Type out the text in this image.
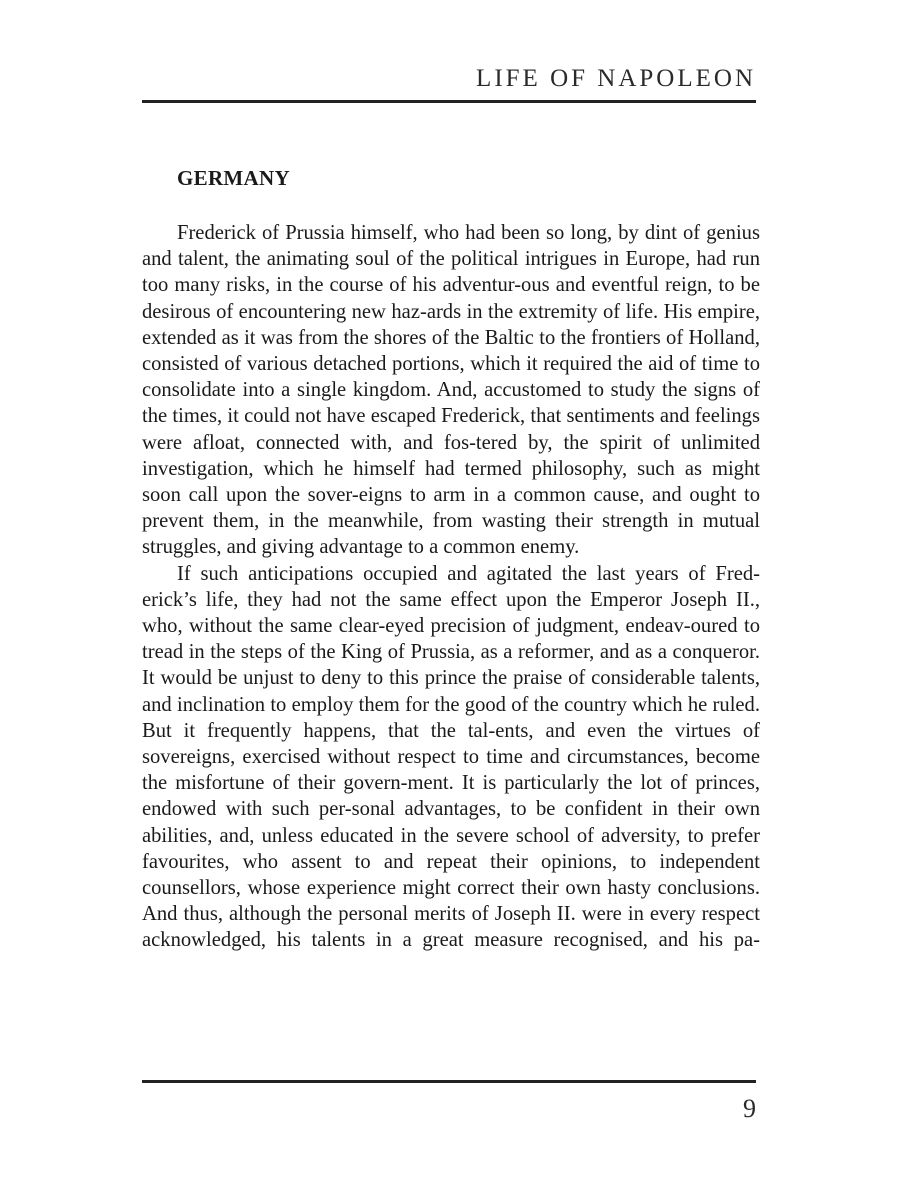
LIFE OF NAPOLEON
GERMANY

Frederick of Prussia himself, who had been so long, by dint of genius and talent, the animating soul of the political intrigues in Europe, had run too many risks, in the course of his adventur-ous and eventful reign, to be desirous of encountering new haz-ards in the extremity of life. His empire, extended as it was from the shores of the Baltic to the frontiers of Holland, consisted of various detached portions, which it required the aid of time to consolidate into a single kingdom. And, accustomed to study the signs of the times, it could not have escaped Frederick, that sentiments and feelings were afloat, connected with, and fos-tered by, the spirit of unlimited investigation, which he himself had termed philosophy, such as might soon call upon the sover-eigns to arm in a common cause, and ought to prevent them, in the meanwhile, from wasting their strength in mutual struggles, and giving advantage to a common enemy.

If such anticipations occupied and agitated the last years of Fred-erick’s life, they had not the same effect upon the Emperor Joseph II., who, without the same clear-eyed precision of judgment, endeav-oured to tread in the steps of the King of Prussia, as a reformer, and as a conqueror. It would be unjust to deny to this prince the praise of considerable talents, and inclination to employ them for the good of the country which he ruled. But it frequently happens, that the tal-ents, and even the virtues of sovereigns, exercised without respect to time and circumstances, become the misfortune of their govern-ment. It is particularly the lot of princes, endowed with such per-sonal advantages, to be confident in their own abilities, and, unless educated in the severe school of adversity, to prefer favourites, who assent to and repeat their opinions, to independent counsellors, whose experience might correct their own hasty conclusions. And thus, although the personal merits of Joseph II. were in every respect acknowledged, his talents in a great measure recognised, and his pa-

9
